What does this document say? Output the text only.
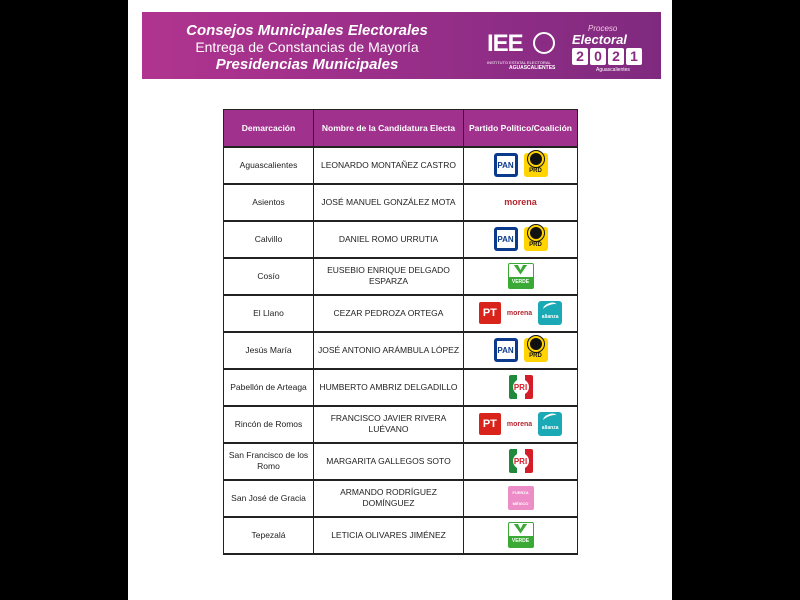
Consejos Municipales Electorales
Entrega de Constancias de Mayoría
Presidencias Municipales
IEE
INSTITUTO ESTATAL ELECTORAL
AGUASCALIENTES
Proceso
Electoral
2 0 2 1
Aguascalientes
Demarcación	Nombre de la Candidatura Electa	Partido Político/Coalición
Aguascalientes	LEONARDO MONTAÑEZ CASTRO	PAN
PRD

Asientos	JOSÉ MANUEL GONZÁLEZ MOTA	morena

Calvillo	DANIEL ROMO URRUTIA	PAN
PRD

Cosío	EUSEBIO ENRIQUE DELGADO ESPARZA	VERDE

El Llano	CEZAR PEDROZA ORTEGA	PT morena
alianza

Jesús María	JOSÉ ANTONIO ARÁMBULA LÓPEZ	PAN
PRD

Pabellón de Arteaga	HUMBERTO AMBRIZ DELGADILLO	PRI

Rincón de Romos	FRANCISCO JAVIER RIVERA LUÉVANO	PT morena
alianza

San Francisco de los Romo	MARGARITA GALLEGOS SOTO	PRI

San José de Gracia	ARMANDO RODRÍGUEZ DOMÍNGUEZ	FUERZA
MÉXICO

Tepezalá	LETICIA OLIVARES JIMÉNEZ	VERDE
